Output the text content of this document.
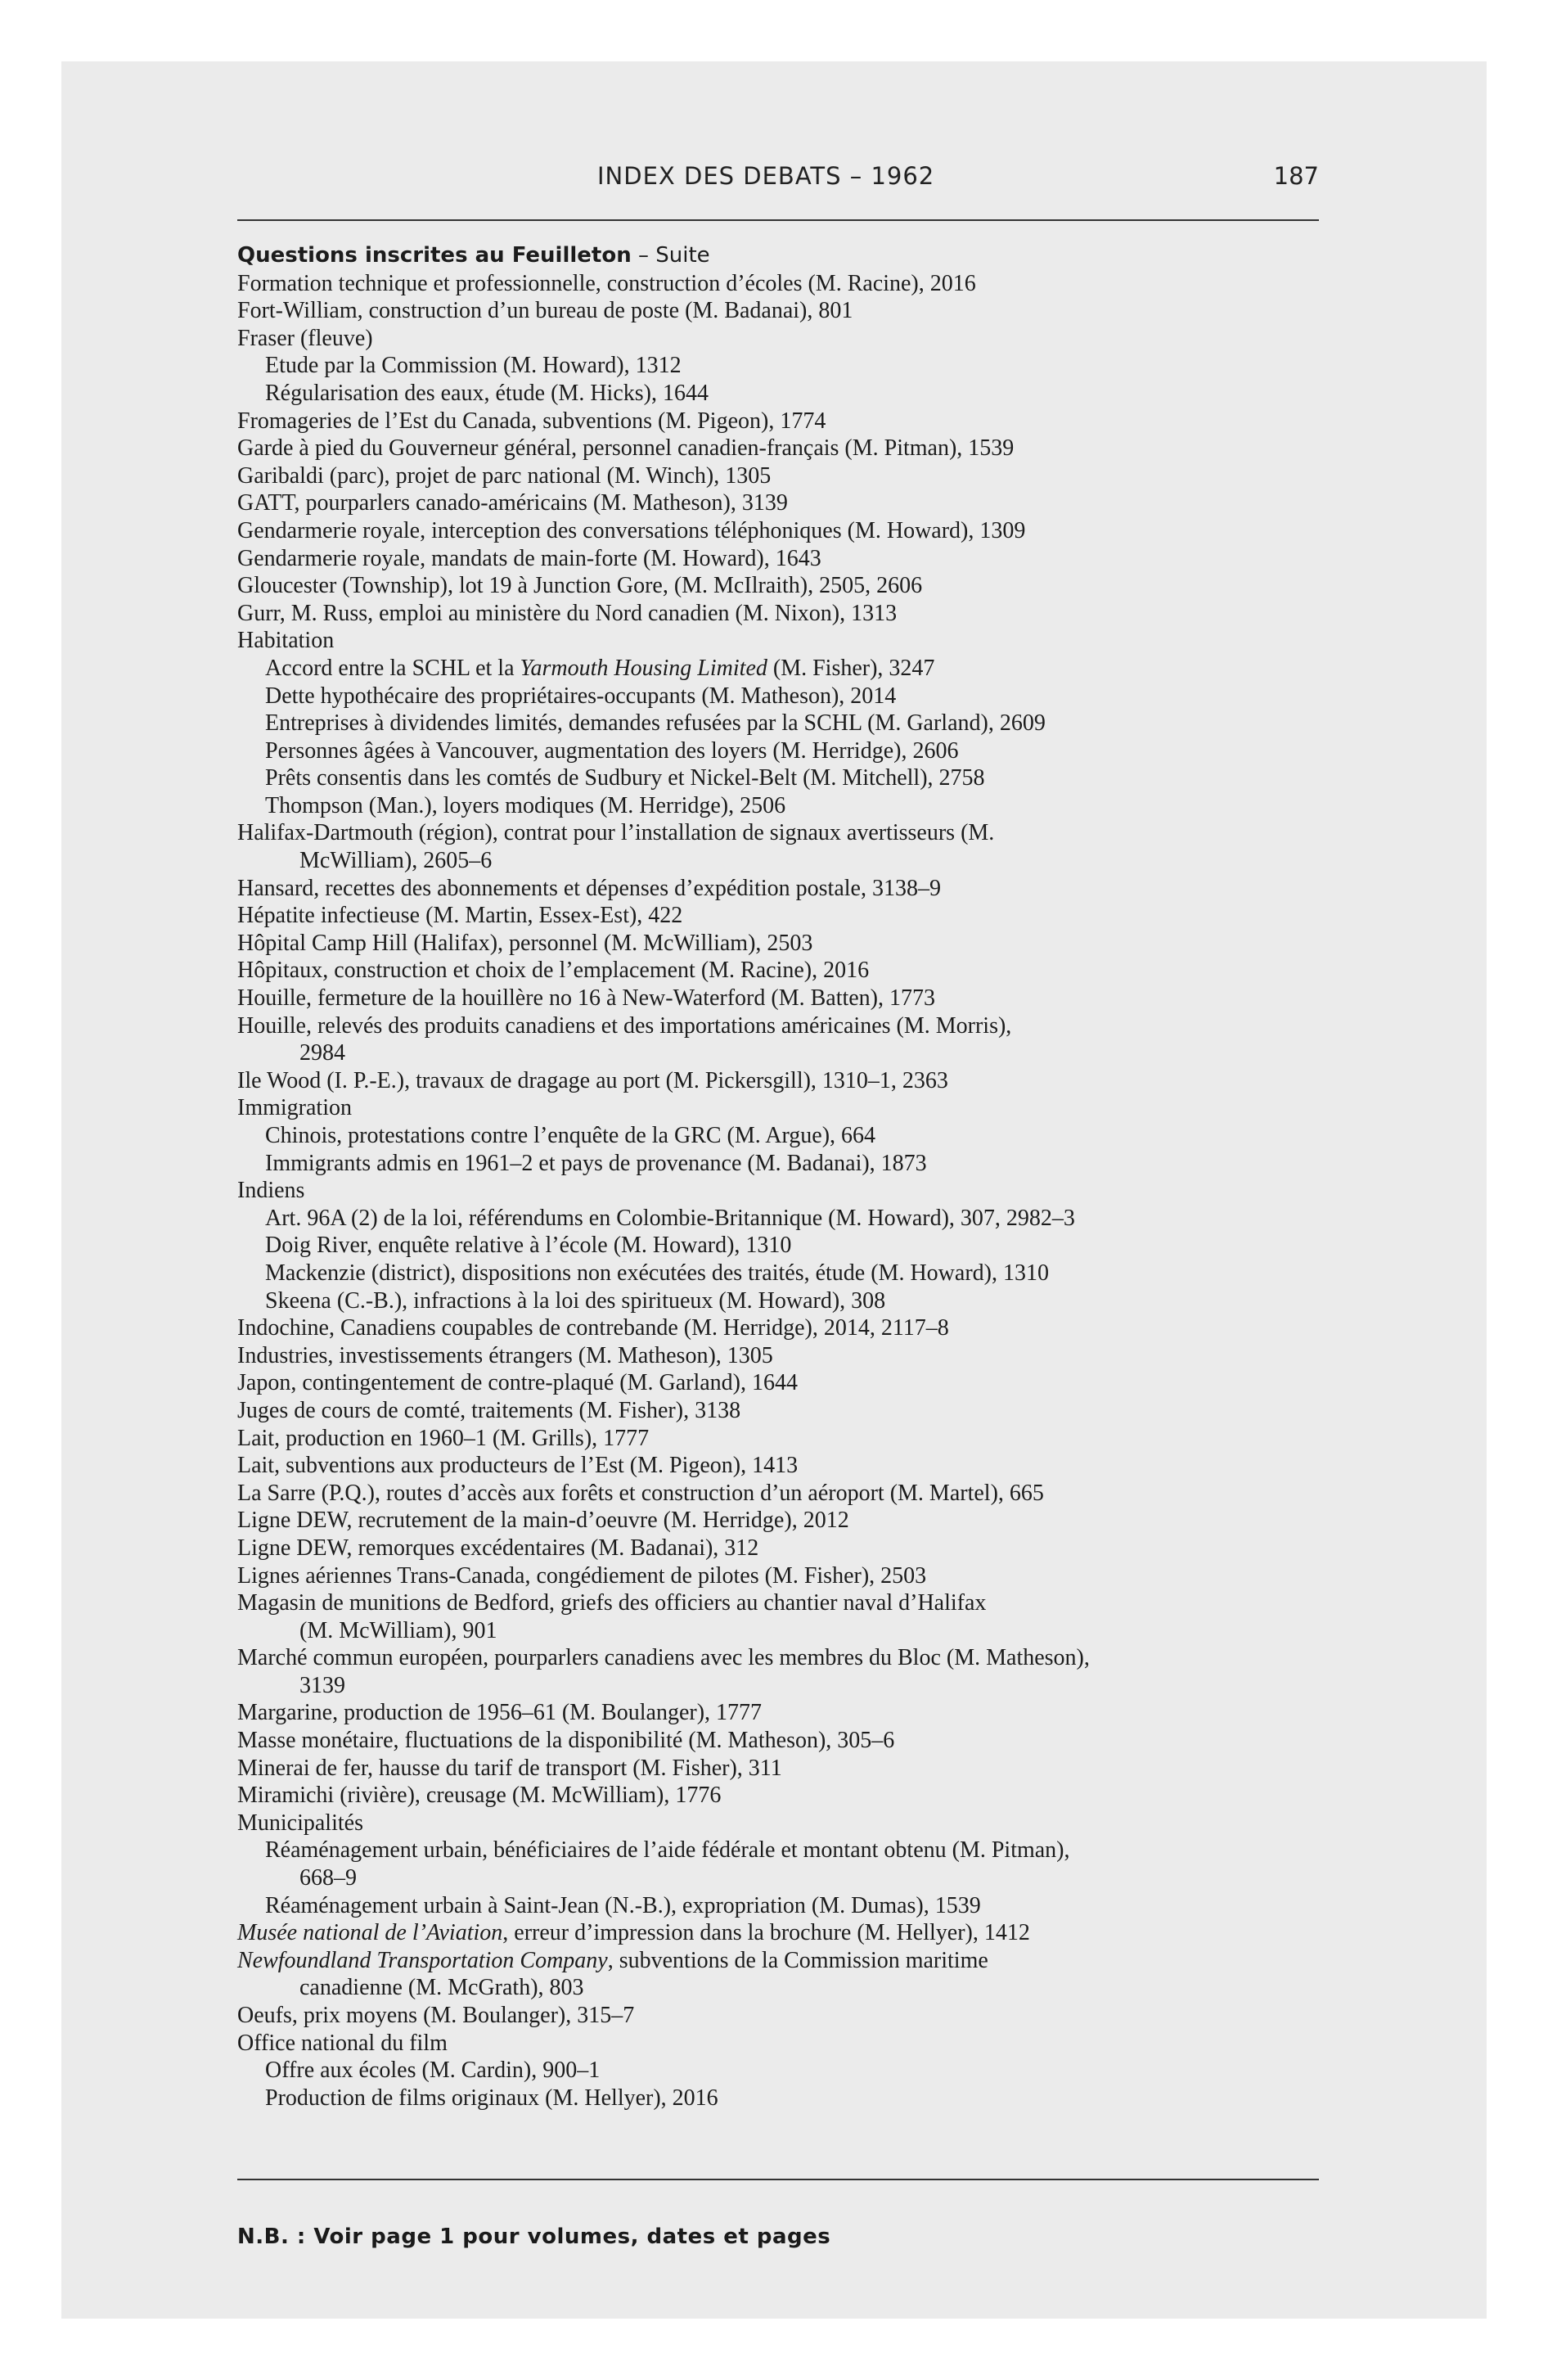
INDEX DES DEBATS – 1962	187
Questions inscrites au Feuilleton – Suite
Formation technique et professionnelle, construction d’écoles (M. Racine), 2016
Fort-William, construction d’un bureau de poste (M. Badanai), 801
Fraser (fleuve)
Etude par la Commission (M. Howard), 1312
Régularisation des eaux, étude (M. Hicks), 1644
Fromageries de l’Est du Canada, subventions (M. Pigeon), 1774
Garde à pied du Gouverneur général, personnel canadien-français (M. Pitman), 1539
Garibaldi (parc), projet de parc national (M. Winch), 1305
GATT, pourparlers canado-américains (M. Matheson), 3139
Gendarmerie royale, interception des conversations téléphoniques (M. Howard), 1309
Gendarmerie royale, mandats de main-forte (M. Howard), 1643
Gloucester (Township), lot 19 à Junction Gore, (M. McIlraith), 2505, 2606
Gurr, M. Russ, emploi au ministère du Nord canadien (M. Nixon), 1313
Habitation
Accord entre la SCHL et la Yarmouth Housing Limited (M. Fisher), 3247
Dette hypothécaire des propriétaires-occupants (M. Matheson), 2014
Entreprises à dividendes limités, demandes refusées par la SCHL (M. Garland), 2609
Personnes âgées à Vancouver, augmentation des loyers (M. Herridge), 2606
Prêts consentis dans les comtés de Sudbury et Nickel-Belt (M. Mitchell), 2758
Thompson (Man.), loyers modiques (M. Herridge), 2506
Halifax-Dartmouth (région), contrat pour l’installation de signaux avertisseurs (M.
McWilliam), 2605–6
Hansard, recettes des abonnements et dépenses d’expédition postale, 3138–9
Hépatite infectieuse (M. Martin, Essex-Est), 422
Hôpital Camp Hill (Halifax), personnel (M. McWilliam), 2503
Hôpitaux, construction et choix de l’emplacement (M. Racine), 2016
Houille, fermeture de la houillère no 16 à New-Waterford (M. Batten), 1773
Houille, relevés des produits canadiens et des importations américaines (M. Morris),
2984
Ile Wood (I. P.-E.), travaux de dragage au port (M. Pickersgill), 1310–1, 2363
Immigration
Chinois, protestations contre l’enquête de la GRC (M. Argue), 664
Immigrants admis en 1961–2 et pays de provenance (M. Badanai), 1873
Indiens
Art. 96A (2) de la loi, référendums en Colombie-Britannique (M. Howard), 307, 2982–3
Doig River, enquête relative à l’école (M. Howard), 1310
Mackenzie (district), dispositions non exécutées des traités, étude (M. Howard), 1310
Skeena (C.-B.), infractions à la loi des spiritueux (M. Howard), 308
Indochine, Canadiens coupables de contrebande (M. Herridge), 2014, 2117–8
Industries, investissements étrangers (M. Matheson), 1305
Japon, contingentement de contre-plaqué (M. Garland), 1644
Juges de cours de comté, traitements (M. Fisher), 3138
Lait, production en 1960–1 (M. Grills), 1777
Lait, subventions aux producteurs de l’Est (M. Pigeon), 1413
La Sarre (P.Q.), routes d’accès aux forêts et construction d’un aéroport (M. Martel), 665
Ligne DEW, recrutement de la main-d’oeuvre (M. Herridge), 2012
Ligne DEW, remorques excédentaires (M. Badanai), 312
Lignes aériennes Trans-Canada, congédiement de pilotes (M. Fisher), 2503
Magasin de munitions de Bedford, griefs des officiers au chantier naval d’Halifax
(M. McWilliam), 901
Marché commun européen, pourparlers canadiens avec les membres du Bloc (M. Matheson),
3139
Margarine, production de 1956–61 (M. Boulanger), 1777
Masse monétaire, fluctuations de la disponibilité (M. Matheson), 305–6
Minerai de fer, hausse du tarif de transport (M. Fisher), 311
Miramichi (rivière), creusage (M. McWilliam), 1776
Municipalités
Réaménagement urbain, bénéficiaires de l’aide fédérale et montant obtenu (M. Pitman),
668–9
Réaménagement urbain à Saint-Jean (N.-B.), expropriation (M. Dumas), 1539
Musée national de l’Aviation, erreur d’impression dans la brochure (M. Hellyer), 1412
Newfoundland Transportation Company, subventions de la Commission maritime
canadienne (M. McGrath), 803
Oeufs, prix moyens (M. Boulanger), 315–7
Office national du film
Offre aux écoles (M. Cardin), 900–1
Production de films originaux (M. Hellyer), 2016
N.B. : Voir page 1 pour volumes, dates et pages
